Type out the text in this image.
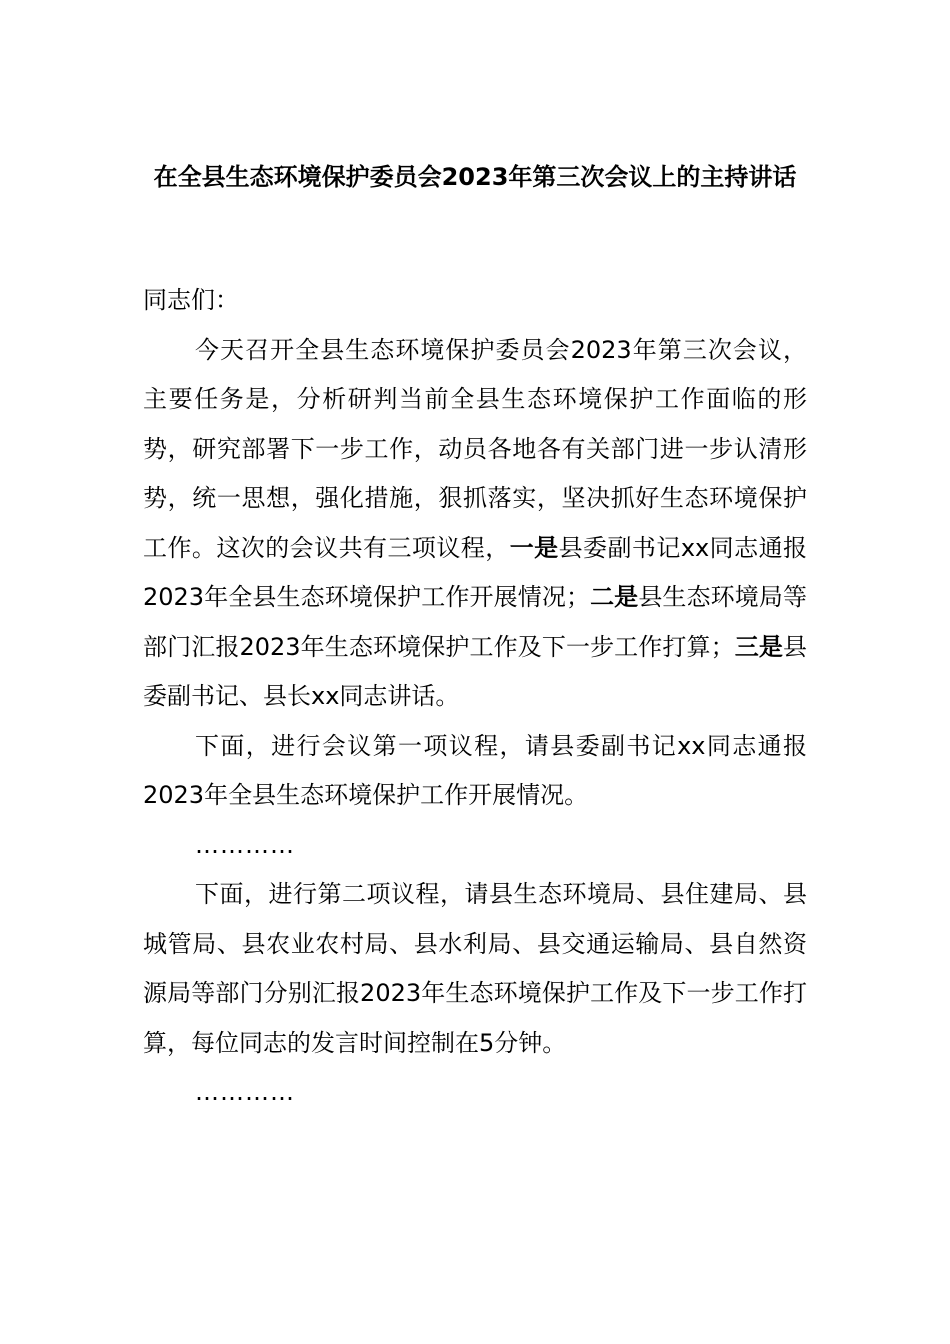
在全县生态环境保护委员会2023年第三次会议上的主持讲话

同志们：

今天召开全县生态环境保护委员会2023年第三次会议，主要任务是，分析研判当前全县生态环境保护工作面临的形势，研究部署下一步工作，动员各地各有关部门进一步认清形势，统一思想，强化措施，狠抓落实，坚决抓好生态环境保护工作。这次的会议共有三项议程，一是县委副书记xx同志通报2023年全县生态环境保护工作开展情况；二是县生态环境局等部门汇报2023年生态环境保护工作及下一步工作打算；三是县委副书记、县长xx同志讲话。

下面，进行会议第一项议程，请县委副书记xx同志通报2023年全县生态环境保护工作开展情况。

…………

下面，进行第二项议程，请县生态环境局、县住建局、县城管局、县农业农村局、县水利局、县交通运输局、县自然资源局等部门分别汇报2023年生态环境保护工作及下一步工作打算，每位同志的发言时间控制在5分钟。

…………
